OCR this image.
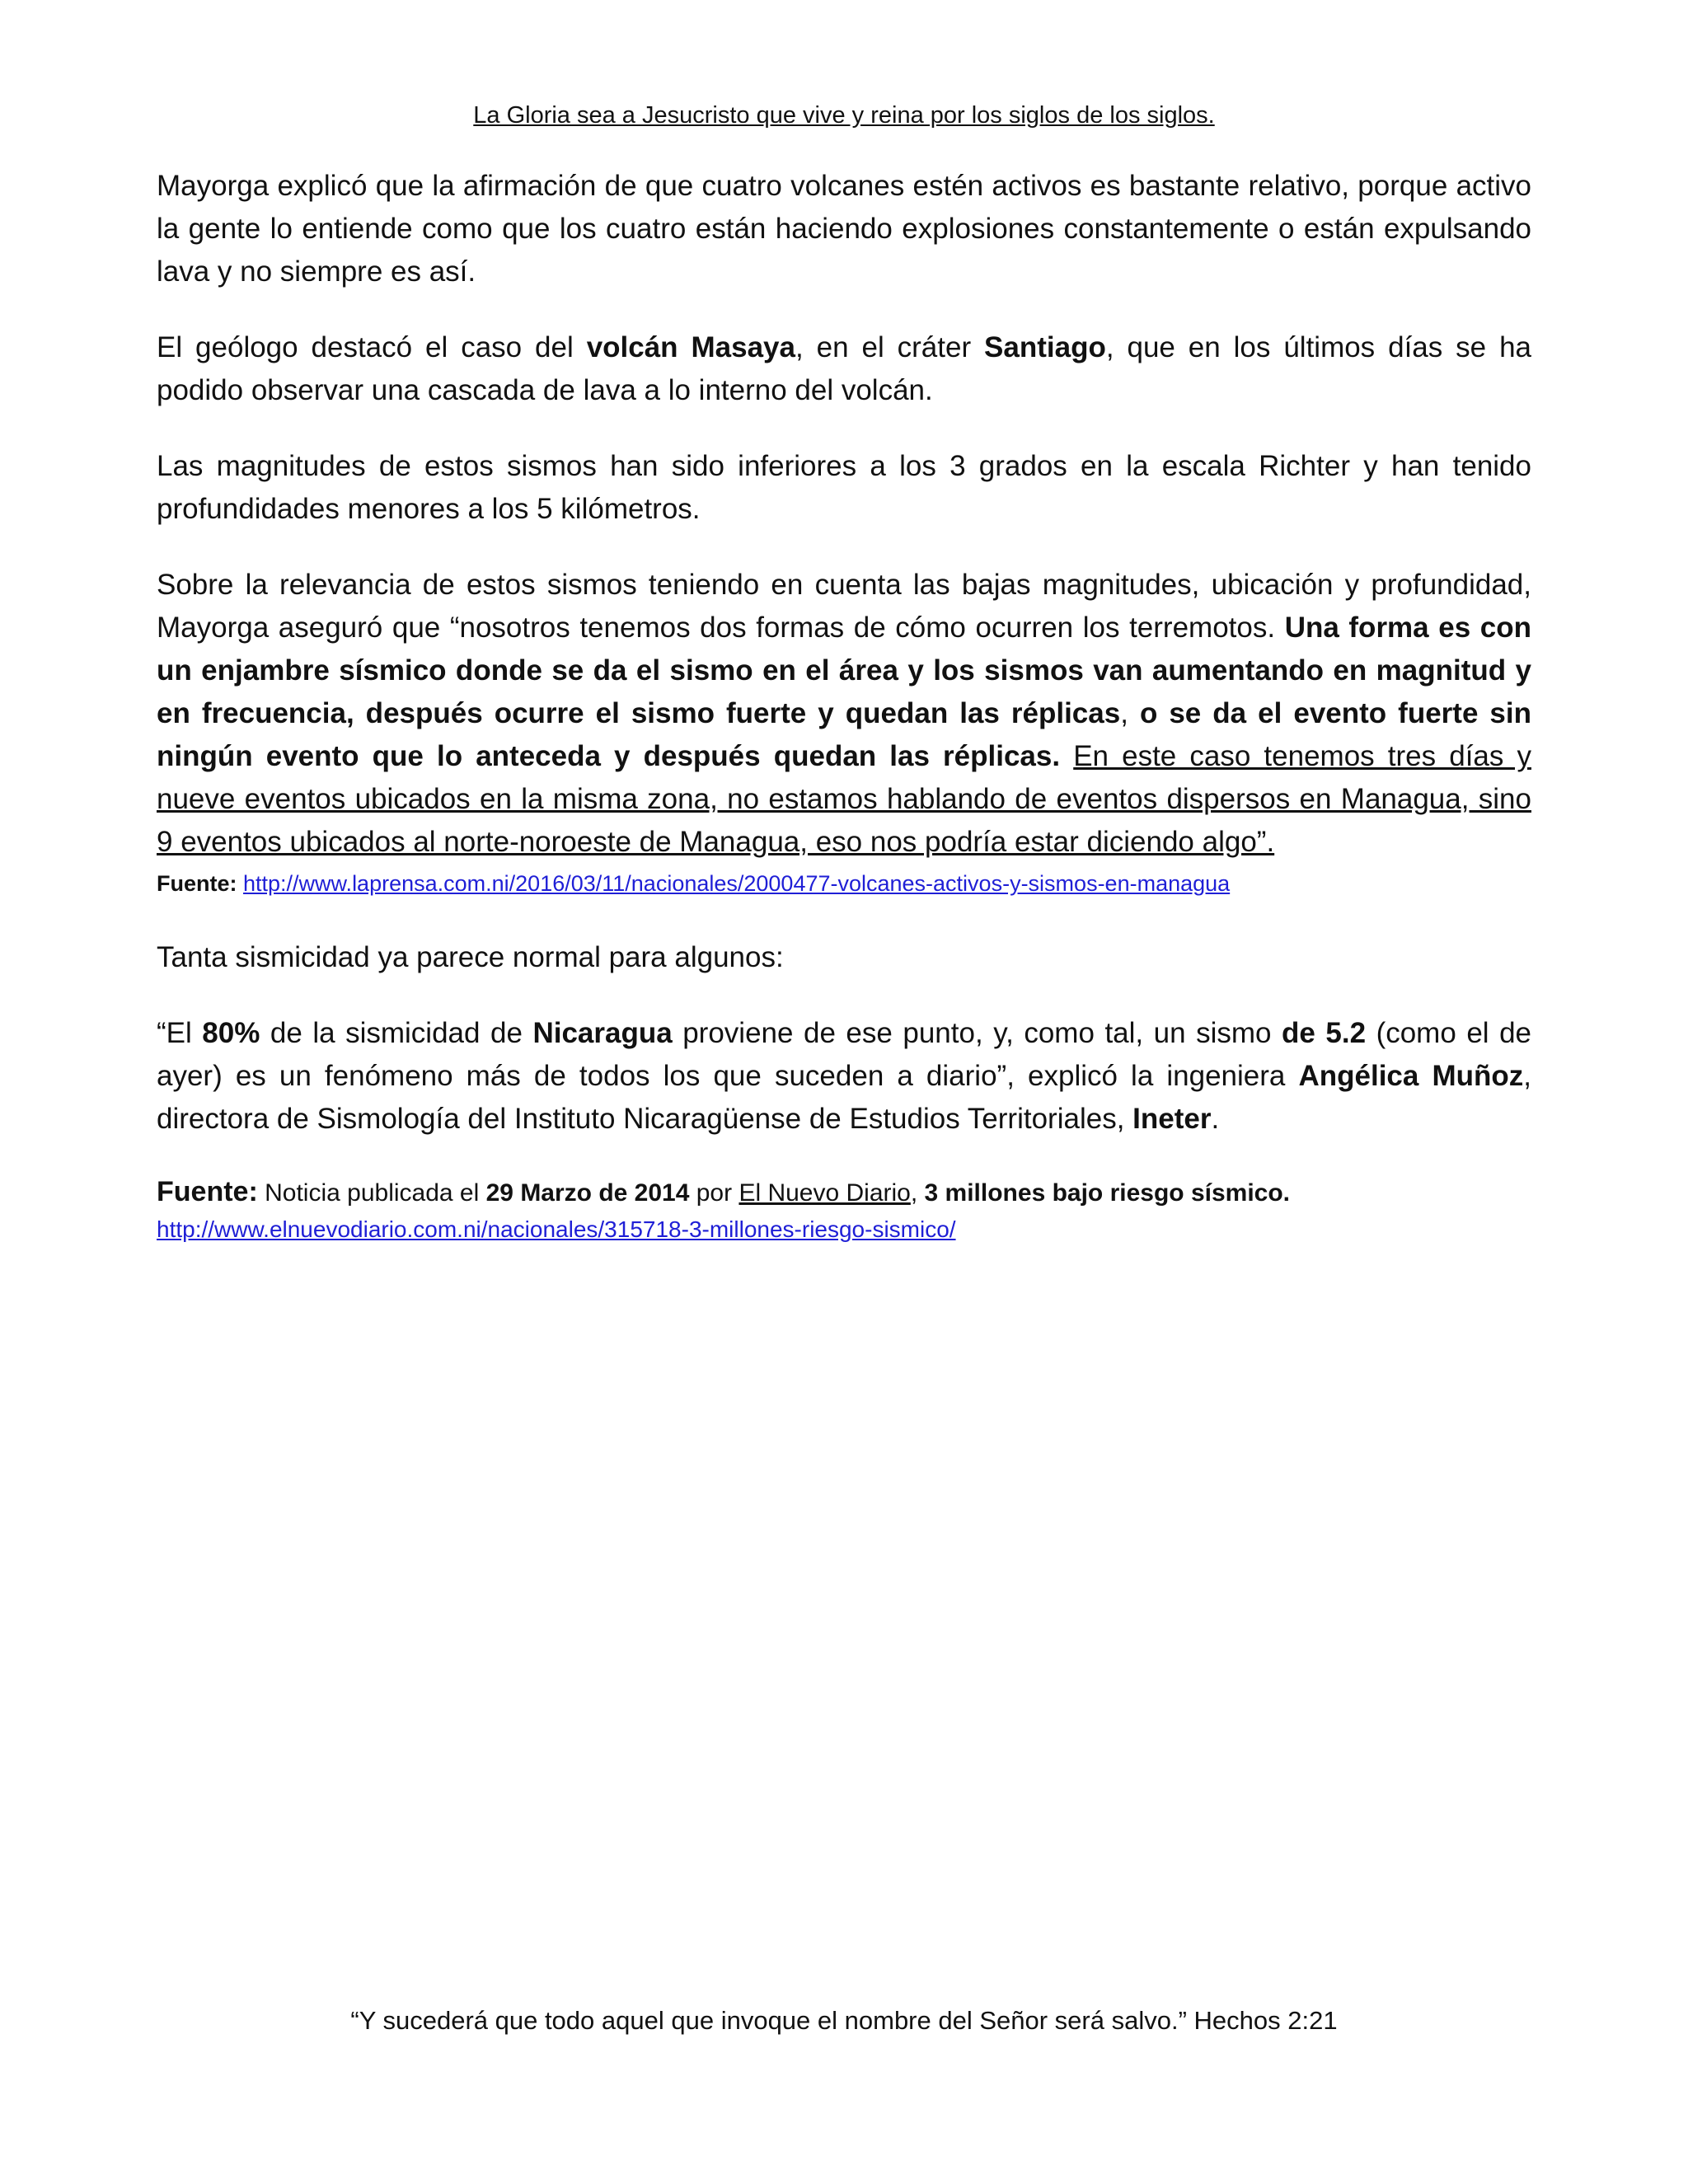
La Gloria sea a Jesucristo que vive y reina por los siglos de los siglos.

Mayorga explicó que la afirmación de que cuatro volcanes estén activos es bastante relativo, porque activo la gente lo entiende como que los cuatro están haciendo explosiones constantemente o están expulsando lava y no siempre es así.

El geólogo destacó el caso del volcán Masaya, en el cráter Santiago, que en los últimos días se ha podido observar una cascada de lava a lo interno del volcán.

Las magnitudes de estos sismos han sido inferiores a los 3 grados en la escala Richter y han tenido profundidades menores a los 5 kilómetros.

Sobre la relevancia de estos sismos teniendo en cuenta las bajas magnitudes, ubicación y profundidad, Mayorga aseguró que “nosotros tenemos dos formas de cómo ocurren los terremotos. Una forma es con un enjambre sísmico donde se da el sismo en el área y los sismos van aumentando en magnitud y en frecuencia, después ocurre el sismo fuerte y quedan las réplicas, o se da el evento fuerte sin ningún evento que lo anteceda y después quedan las réplicas. En este caso tenemos tres días y nueve eventos ubicados en la misma zona, no estamos hablando de eventos dispersos en Managua, sino 9 eventos ubicados al norte-noroeste de Managua, eso nos podría estar diciendo algo”.

Fuente: http://www.laprensa.com.ni/2016/03/11/nacionales/2000477-volcanes-activos-y-sismos-en-managua

Tanta sismicidad ya parece normal para algunos:

“El 80% de la sismicidad de Nicaragua proviene de ese punto, y, como tal, un sismo de 5.2 (como el de ayer) es un fenómeno más de todos los que suceden a diario”, explicó la ingeniera Angélica Muñoz, directora de Sismología del Instituto Nicaragüense de Estudios Territoriales, Ineter.

Fuente: Noticia publicada el 29 Marzo de 2014 por El Nuevo Diario, 3 millones bajo riesgo sísmico.
http://www.elnuevodiario.com.ni/nacionales/315718-3-millones-riesgo-sismico/
“Y sucederá que todo aquel que invoque el nombre del Señor será salvo.” Hechos 2:21
